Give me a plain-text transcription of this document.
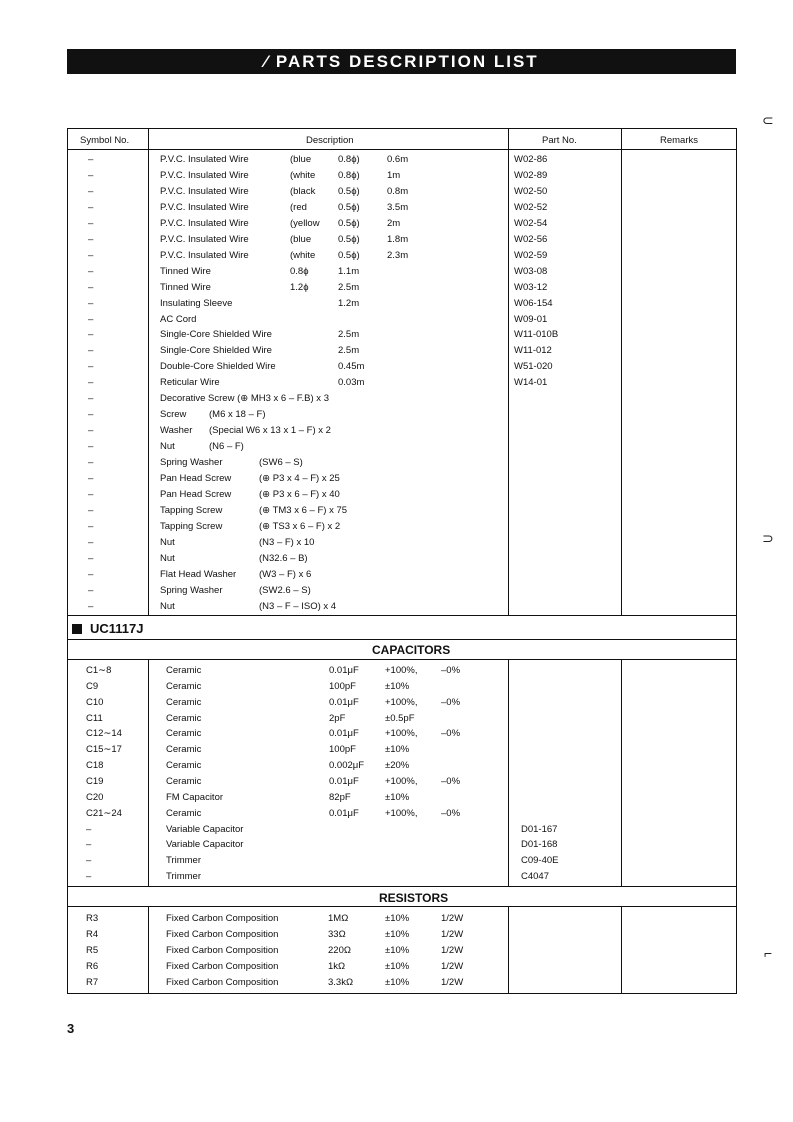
⁄ PARTS DESCRIPTION LIST
Symbol No.	Description	Part No.	Remarks
–	P.V.C. Insulated Wire	(blue	0.8ϕ)	0.6m	W02-86
–	P.V.C. Insulated Wire	(white 0.8ϕ)	1m	W02-89
–	P.V.C. Insulated Wire	(black 0.5ϕ)	0.8m	W02-50
–	P.V.C. Insulated Wire	(red	0.5ϕ)	3.5m	W02-52
–	P.V.C. Insulated Wire	(yellow 0.5ϕ)	2m	W02-54
–	P.V.C. Insulated Wire	(blue	0.5ϕ)	1.8m	W02-56
–	P.V.C. Insulated Wire	(white 0.5ϕ)	2.3m	W02-59
–	Tinned Wire	0.8ϕ	1.1m	W03-08
–	Tinned Wire	1.2ϕ	2.5m	W03-12
–	Insulating Sleeve	1.2m	W06-154
–	AC Cord	W09-01
–	Single-Core Shielded Wire	2.5m	W11-010B
–	Single-Core Shielded Wire	2.5m	W11-012
–	Double-Core Shielded Wire	0.45m	W51-020
–	Reticular Wire	0.03m	W14-01
–	Decorative Screw (⊕ MH3 x 6 – F.B) x 3
–	Screw (M6 x 18 – F)
–	Washer (Special W6 x 13 x 1 – F) x 2
–	Nut	(N6 – F)
–	Spring Washer	(SW6 – S)
–	Pan Head Screw	(⊕ P3 x 4 – F) x 25
–	Pan Head Screw	(⊕ P3 x 6 – F) x 40
–	Tapping Screw	(⊕ TM3 x 6 – F) x 75
–	Tapping Screw	(⊕ TS3 x 6 – F) x 2
–	Nut	(N3 – F) x 10
–	Nut	(N32.6 – B)
–	Flat Head Washer (W3 – F) x 6
–	Spring Washer	(SW2.6 – S)
–	Nut	(N3 – F – ISO) x 4
C1∼8	Ceramic	0.01μF	+100%, –0%
C9	Ceramic	100pF	±10%
C10	Ceramic	0.01μF	+100%, –0%
C11	Ceramic	2pF	±0.5pF
C12∼14	Ceramic	0.01μF	+100%, –0%
C15∼17	Ceramic	100pF	±10%
C18	Ceramic	0.002μF ±20%
C19	Ceramic	0.01μF	+100%, –0%
C20	FM Capacitor	82pF	±10%
C21∼24	Ceramic	0.01μF	+100%, –0%
–	Variable Capacitor	D01-167
–	Variable Capacitor	D01-168
–	Trimmer	C09-40E
–	Trimmer	C4047
R3	Fixed Carbon Composition	1MΩ	±10%	1/2W
R4	Fixed Carbon Composition	33Ω	±10%	1/2W
R5	Fixed Carbon Composition	220Ω	±10%	1/2W
R6	Fixed Carbon Composition	1kΩ	±10%	1/2W
R7	Fixed Carbon Composition	3.3kΩ	±10%	1/2W
UC1117J
CAPACITORS
RESISTORS
3
⊂
⊃
⌐
